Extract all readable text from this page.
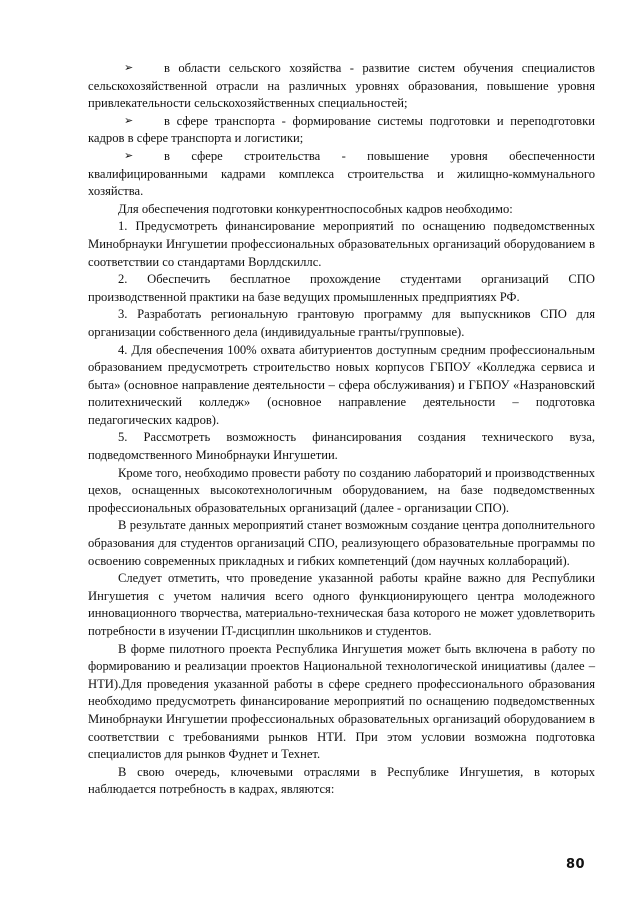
➢	в области сельского хозяйства - развитие систем обучения специалистов
сельскохозяйственной отрасли на различных уровнях образования, повышение уровня привлекательности сельскохозяйственных специальностей;
➢	в сфере транспорта - формирование системы подготовки и переподготовки
кадров в сфере транспорта и логистики;
➢	в сфере строительства - повышение уровня обеспеченности
квалифицированными кадрами комплекса строительства и жилищно-коммунального хозяйства.

Для обеспечения подготовки конкурентноспособных кадров необходимо:

1. Предусмотреть финансирование мероприятий по оснащению подведомственных Минобрнауки Ингушетии профессиональных образовательных организаций оборудованием в соответствии со стандартами Ворлдскиллс.

2. Обеспечить бесплатное прохождение студентами организаций СПО производственной практики на базе ведущих промышленных предприятиях РФ.

3. Разработать региональную грантовую программу для выпускников СПО для организации собственного дела (индивидуальные гранты/групповые).

4. Для обеспечения 100% охвата абитуриентов доступным средним профессиональным образованием предусмотреть строительство новых корпусов ГБПОУ «Колледжа сервиса и быта» (основное направление деятельности – сфера обслуживания) и ГБПОУ «Назрановский политехнический колледж» (основное направление деятельности – подготовка педагогических кадров).

5. Рассмотреть возможность финансирования создания технического вуза, подведомственного Минобрнауки Ингушетии.

Кроме того, необходимо провести работу по созданию лабораторий и производственных цехов, оснащенных высокотехнологичным оборудованием, на базе подведомственных профессиональных образовательных организаций (далее - организации СПО).

В результате данных мероприятий станет возможным создание центра дополнительного образования для студентов организаций СПО, реализующего образовательные программы по освоению современных прикладных и гибких компетенций (дом научных коллабораций).

Следует отметить, что проведение указанной работы крайне важно для Республики Ингушетия с учетом наличия всего одного функционирующего центра молодежного инновационного творчества, материально-техническая база которого не может удовлетворить потребности в изучении IT-дисциплин школьников и студентов.

В форме пилотного проекта Республика Ингушетия может быть включена в работу по формированию и реализации проектов Национальной технологической инициативы (далее – НТИ).Для проведения указанной работы в сфере среднего профессионального образования необходимо предусмотреть финансирование мероприятий по оснащению подведомственных Минобрнауки Ингушетии профессиональных образовательных организаций оборудованием в соответствии с требованиями рынков НТИ. При этом условии возможна подготовка специалистов для рынков Фуднет и Технет.

В свою очередь, ключевыми отраслями в Республике Ингушетия, в которых наблюдается потребность в кадрах, являются:

80
